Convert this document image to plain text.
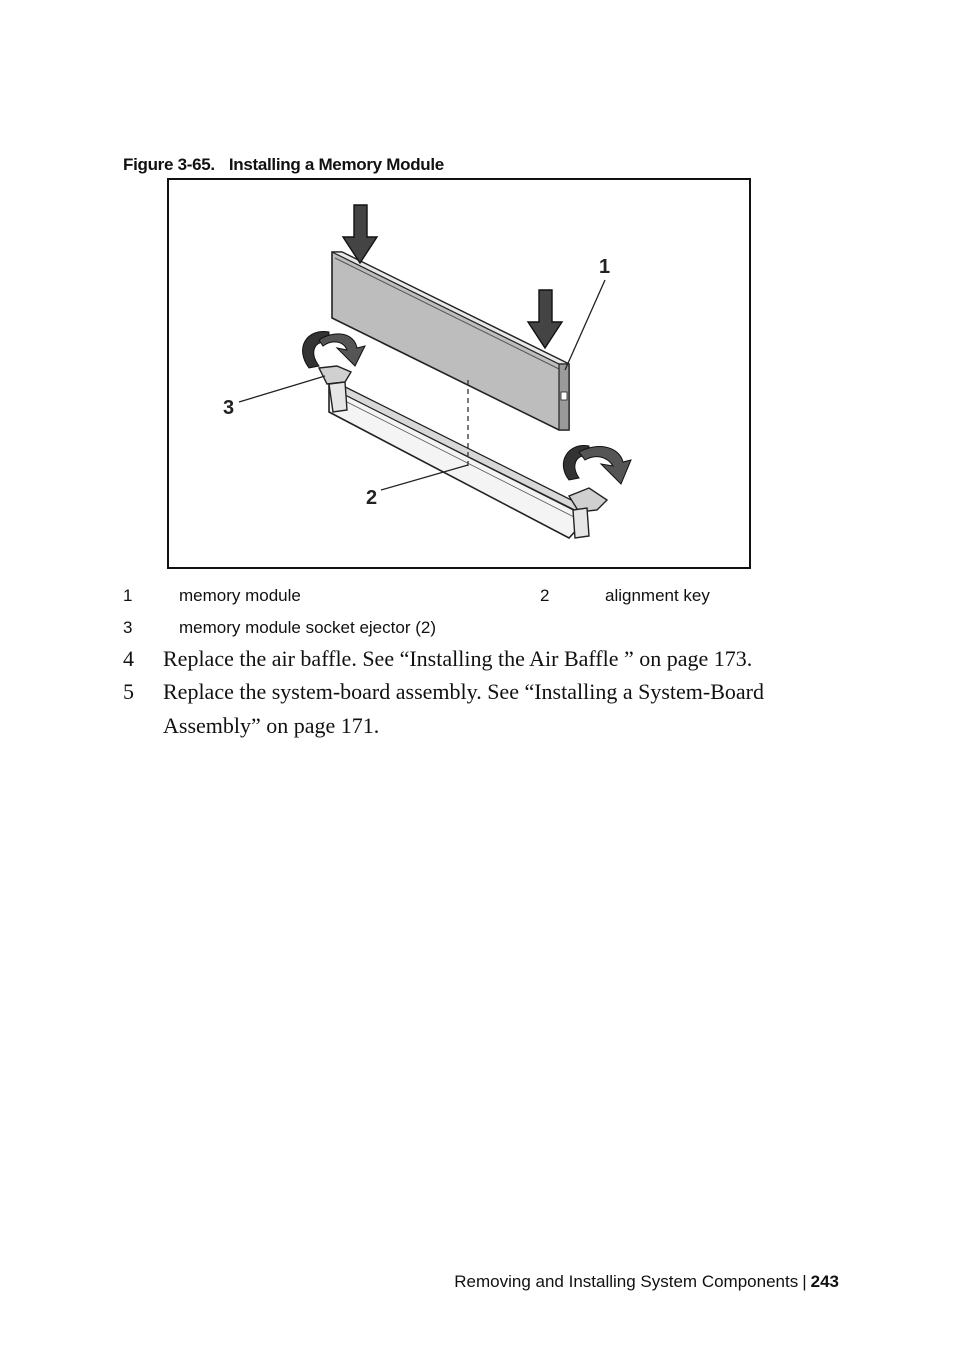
Figure 3-65. Installing a Memory Module
1
2
3
1	memory module	2	alignment key
3	memory module socket ejector (2)
4 Replace the air baffle. See “Installing the Air Baffle ” on page 173.
5 Replace the system-board assembly. See “Installing a System-Board Assembly” on page 171.
Removing and Installing System Components | 243
